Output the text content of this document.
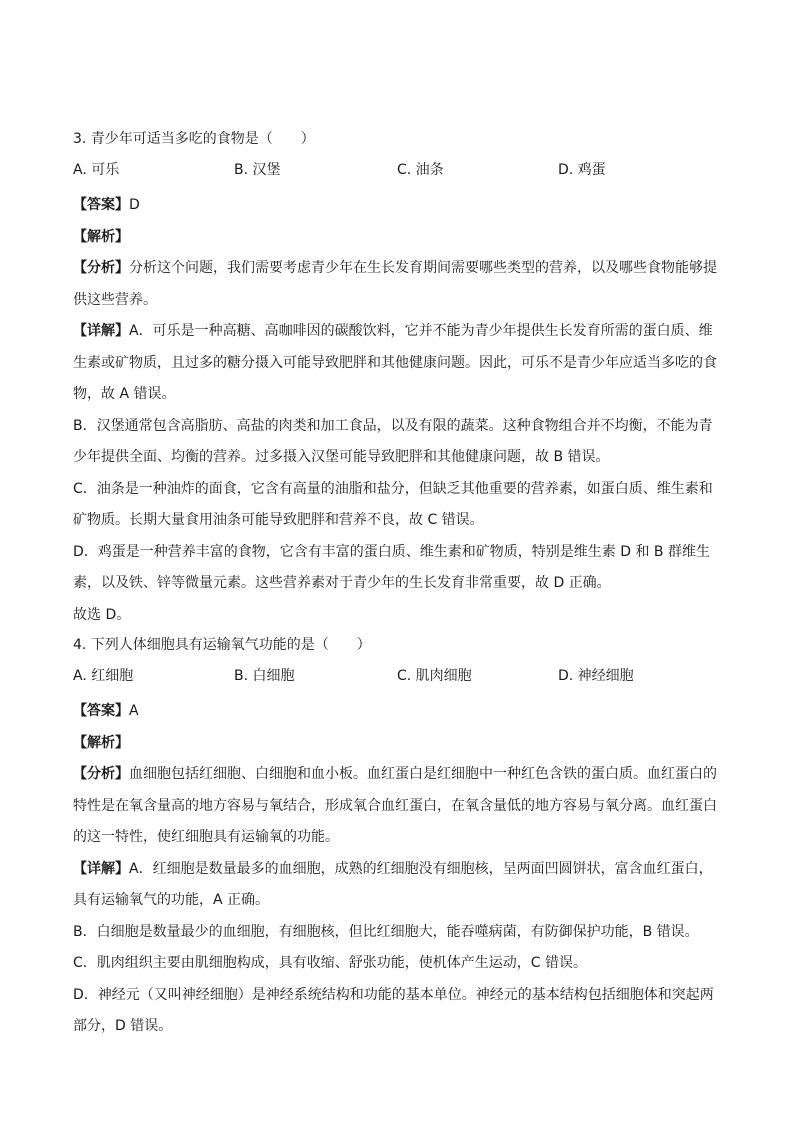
3. 青少年可适当多吃的食物是（　　）

A. 可乐	B. 汉堡	C. 油条	D. 鸡蛋

【答案】D

【解析】

【分析】分析这个问题，我们需要考虑青少年在生长发育期间需要哪些类型的营养，以及哪些食物能够提

供这些营养。

【详解】A．可乐是一种高糖、高咖啡因的碳酸饮料，它并不能为青少年提供生长发育所需的蛋白质、维

生素或矿物质，且过多的糖分摄入可能导致肥胖和其他健康问题。因此，可乐不是青少年应适当多吃的食

物，故 A 错误。

B．汉堡通常包含高脂肪、高盐的肉类和加工食品，以及有限的蔬菜。这种食物组合并不均衡，不能为青

少年提供全面、均衡的营养。过多摄入汉堡可能导致肥胖和其他健康问题，故 B 错误。

C．油条是一种油炸的面食，它含有高量的油脂和盐分，但缺乏其他重要的营养素，如蛋白质、维生素和

矿物质。长期大量食用油条可能导致肥胖和营养不良，故 C 错误。

D．鸡蛋是一种营养丰富的食物，它含有丰富的蛋白质、维生素和矿物质，特别是维生素 D 和 B 群维生

素，以及铁、锌等微量元素。这些营养素对于青少年的生长发育非常重要，故 D 正确。

故选 D。

4. 下列人体细胞具有运输氧气功能的是（　　）

A. 红细胞	B. 白细胞	C. 肌肉细胞	D. 神经细胞

【答案】A

【解析】

【分析】血细胞包括红细胞、白细胞和血小板。血红蛋白是红细胞中一种红色含铁的蛋白质。血红蛋白的

特性是在氧含量高的地方容易与氧结合，形成氧合血红蛋白，在氧含量低的地方容易与氧分离。血红蛋白

的这一特性，使红细胞具有运输氧的功能。

【详解】A．红细胞是数量最多的血细胞，成熟的红细胞没有细胞核，呈两面凹圆饼状，富含血红蛋白，

具有运输氧气的功能，A 正确。

B．白细胞是数量最少的血细胞，有细胞核，但比红细胞大，能吞噬病菌，有防御保护功能，B 错误。

C．肌肉组织主要由肌细胞构成，具有收缩、舒张功能，使机体产生运动，C 错误。

D．神经元（又叫神经细胞）是神经系统结构和功能的基本单位。神经元的基本结构包括细胞体和突起两

部分，D 错误。
